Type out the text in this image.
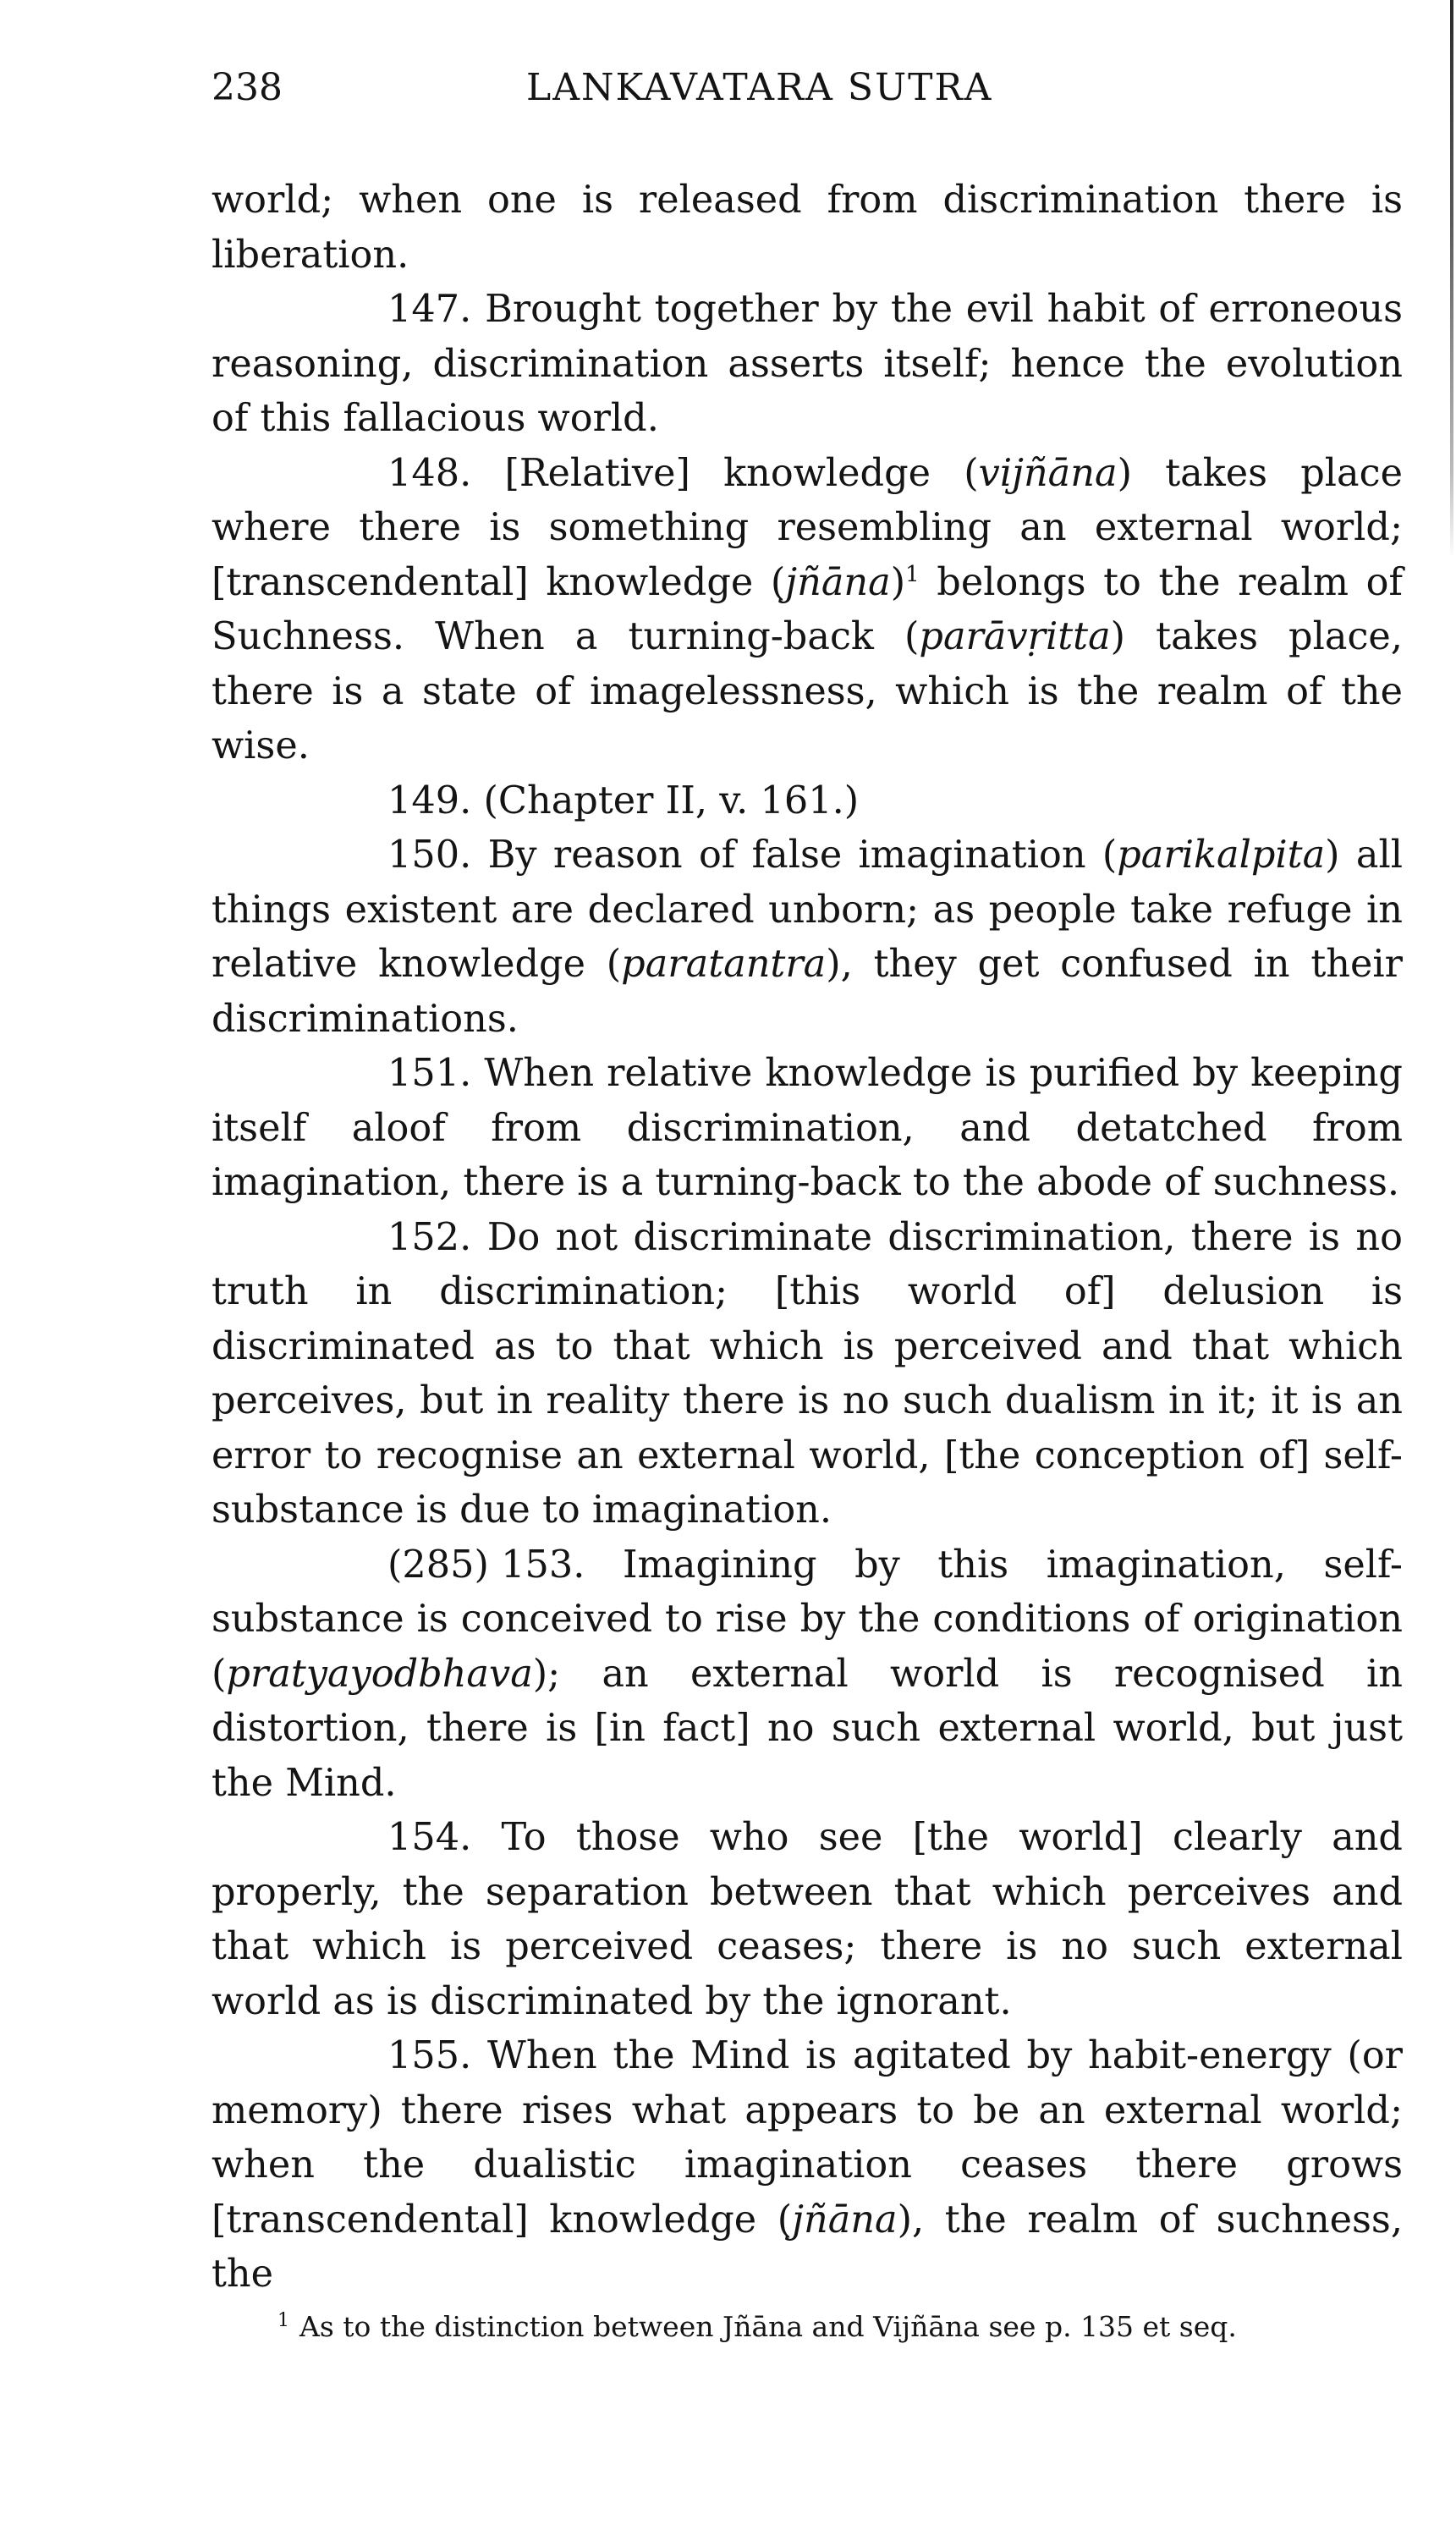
238	LANKAVATARA SUTRA

world; when one is released from discrimination there is liberation.

147. Brought together by the evil habit of erroneous reasoning, discrimination asserts itself; hence the evolution of this fallacious world.

148. [Relative] knowledge (vijñāna) takes place where there is something resembling an external world; [transcendental] knowledge (jñāna)$^1$ belongs to the realm of Suchness. When a turning-back (parāvṛitta) takes place, there is a state of imagelessness, which is the realm of the wise.

149. (Chapter II, v. 161.)

150. By reason of false imagination (parikalpita) all things existent are declared unborn; as people take refuge in relative knowledge (paratantra), they get confused in their discriminations.

151. When relative knowledge is purified by keeping itself aloof from discrimination, and detatched from imagination, there is a turning-back to the abode of suchness.

152. Do not discriminate discrimination, there is no truth in discrimination; [this world of] delusion is discriminated as to that which is perceived and that which perceives, but in reality there is no such dualism in it; it is an error to recognise an external world, [the conception of] self-substance is due to imagination.

(285) 153. Imagining by this imagination, self-substance is conceived to rise by the conditions of origination (pratyayodbhava); an external world is recognised in distortion, there is [in fact] no such external world, but just the Mind.

154. To those who see [the world] clearly and properly, the separation between that which perceives and that which is perceived ceases; there is no such external world as is discriminated by the ignorant.

155. When the Mind is agitated by habit-energy (or memory) there rises what appears to be an external world; when the dualistic imagination ceases there grows [transcendental] knowledge (jñāna), the realm of suchness, the

$^1$ As to the distinction between Jñāna and Vijñāna see p. 135 et seq.
